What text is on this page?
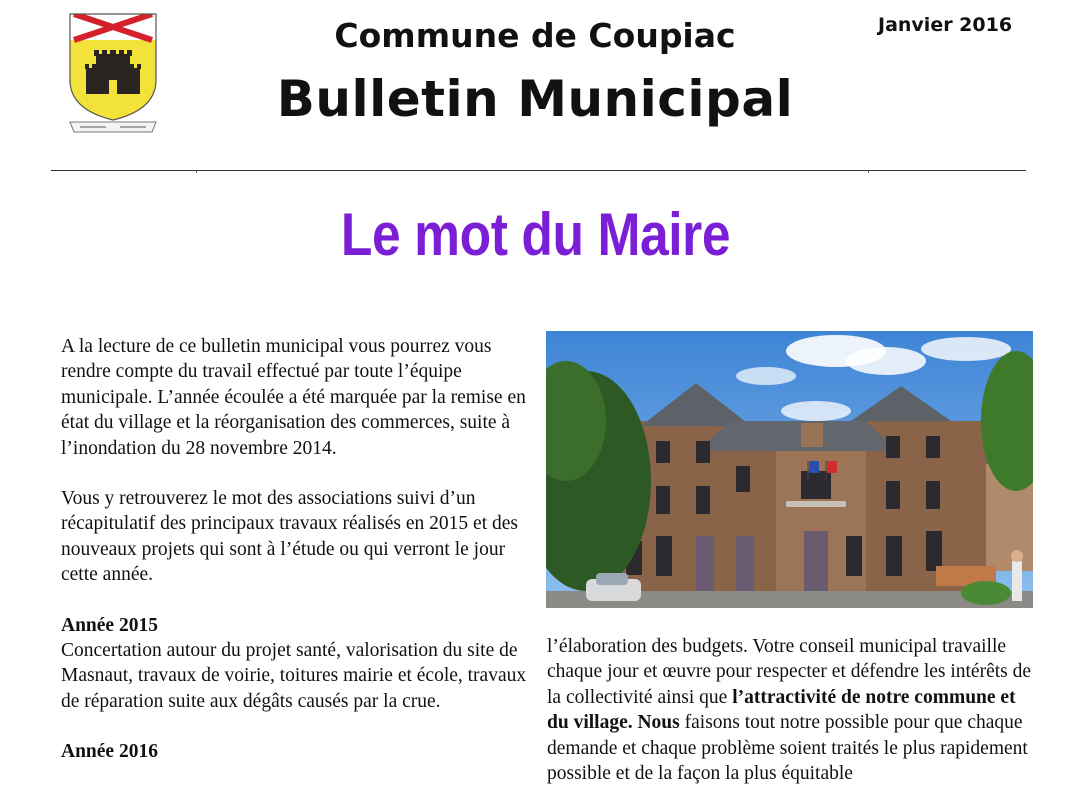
Commune de Coupiac
Bulletin Municipal
Janvier 2016
Le mot du Maire

A la lecture de ce bulletin municipal vous pourrez vous rendre compte du travail effectué par toute l’équipe municipale. L’année écoulée a été marquée par la remise en état du village et la réorganisation des commerces, suite à l’inondation du 28 novembre 2014.

Vous y retrouverez le mot des associations suivi d’un récapitulatif des principaux travaux réalisés en 2015 et des nouveaux projets qui sont à l’étude ou qui verront le jour cette année.

Année 2015

Concertation autour du projet santé, valorisation du site de Masnaut, travaux de voirie, toitures mairie et école, travaux de réparation suite aux dégâts causés par la crue.

Année 2016

l’élaboration des budgets. Votre conseil municipal travaille chaque jour et œuvre pour respecter et défendre les intérêts de la collectivité ainsi que l’attractivité de notre commune et du village. Nous faisons tout notre possible pour que chaque demande et chaque problème soient traités le plus rapidement possible et de la façon la plus équitable
